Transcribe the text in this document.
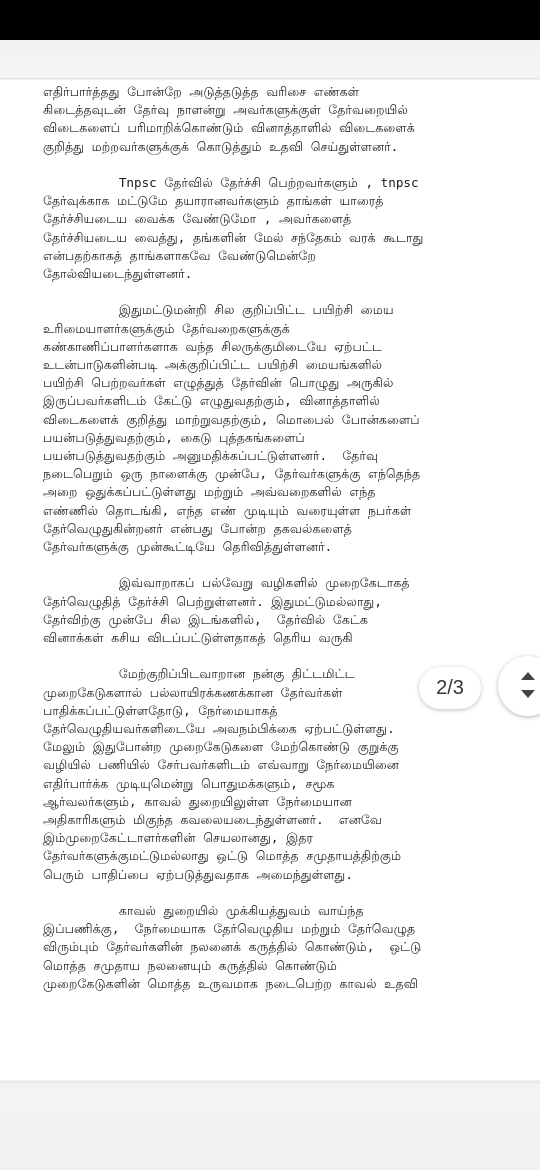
எதிர்பார்த்தது போன்றே அடுத்தடுத்த வரிசை எண்கள்
கிடைத்தவுடன் தேர்வு நாளன்று அவர்களுக்குள் தேர்வறையில்
விடைகளைப் பரிமாறிக்கொண்டும் வினாத்தாளில் விடைகளைக்
குறித்து மற்றவர்களுக்குக் கொடுத்தும் உதவி செய்துள்ளனர்.
Tnpsc தேர்வில் தேர்ச்சி பெற்றவர்களும் , tnpsc
தேர்வுக்காக மட்டுமே தயாரானவர்களும் தாங்கள் யாரைத்
தேர்ச்சியடைய வைக்க வேண்டுமோ , அவர்களைத்
தேர்ச்சியடைய வைத்து, தங்களின் மேல் சந்தேகம் வரக் கூடாது
என்பதற்காகத் தாங்களாகவே வேண்டுமென்றே
தோல்வியடைந்துள்ளனர்.
இதுமட்டுமன்றி சில குறிப்பிட்ட பயிற்சி மைய
உரிமையாளர்களுக்கும் தேர்வறைகளுக்குக்
கண்காணிப்பாளர்களாக வந்த சிலருக்குமிடையே ஏற்பட்ட
உடன்பாடுகளின்படி அக்குறிப்பிட்ட பயிற்சி மையங்களில்
பயிற்சி பெற்றவர்கள் எழுத்துத் தேர்வின் பொழுது அருகில்
இருப்பவர்களிடம் கேட்டு எழுதுவதற்கும், வினாத்தாளில்
விடைகளைக் குறித்து மாற்றுவதற்கும், மொபைல் போன்களைப்
பயன்படுத்துவதற்கும், கைடு புத்தகங்களைப்
பயன்படுத்துவதற்கும் அனுமதிக்கப்பட்டுள்ளனர்.  தேர்வு
நடைபெறும் ஒரு நாளைக்கு முன்பே, தேர்வர்களுக்கு எந்தெந்த
அறை ஒதுக்கப்பட்டுள்ளது மற்றும் அவ்வறைகளில் எந்த
எண்ணில் தொடங்கி, எந்த எண் முடியும் வரையுள்ள நபர்கள்
தேர்வெழுதுகின்றனர் என்பது போன்ற தகவல்களைத்
தேர்வர்களுக்கு முன்கூட்டியே தெரிவித்துள்ளனர்.
இவ்வாறாகப் பல்வேறு வழிகளில் முறைகேடாகத்
தேர்வெழுதித் தேர்ச்சி பெற்றுள்ளனர். இதுமட்டுமல்லாது,
தேர்விற்கு முன்பே சில இடங்களில்,  தேர்வில் கேட்க
வினாக்கள் கசிய விடப்பட்டுள்ளதாகத் தெரிய வருகி
மேற்குறிப்பிடவாறான நன்கு திட்டமிட்ட
முறைகேடுகளால் பல்லாயிரக்கணக்கான தேர்வர்கள்
பாதிக்கப்பட்டுள்ளதோடு, நேர்மையாகத்
தேர்வெழுதியவர்களிடையே அவநம்பிக்கை ஏற்பட்டுள்ளது.
மேலும் இதுபோன்ற முறைகேடுகளை மேற்கொண்டு குறுக்கு
வழியில் பணியில் சேர்பவர்களிடம் எவ்வாறு நேர்மையினை
எதிர்பார்க்க முடியுமென்று பொதுமக்களும், சமூக
ஆர்வலர்களும், காவல் துறையிலுள்ள நேர்மையான
அதிகாரிகளும் மிகுந்த கவலையடைந்துள்ளனர்.  எனவே
இம்முறைகேட்டாளர்களின் செயலானது, இதர
தேர்வர்களுக்குமட்டுமல்லாது ஒட்டு மொத்த சமுதாயத்திற்கும்
பெரும் பாதிப்பை ஏற்படுத்துவதாக அமைந்துள்ளது.
காவல் துறையில் முக்கியத்துவம் வாய்ந்த
இப்பணிக்கு,  நேர்மையாக தேர்வெழுதிய மற்றும் தேர்வெழுத
விரும்பும் தேர்வர்களின் நலனைக் கருத்தில் கொண்டும்,  ஒட்டு
மொத்த சமுதாய நலனையும் கருத்தில் கொண்டும்
முறைகேடுகளின் மொத்த உருவமாக நடைபெற்ற காவல் உதவி
2/3
